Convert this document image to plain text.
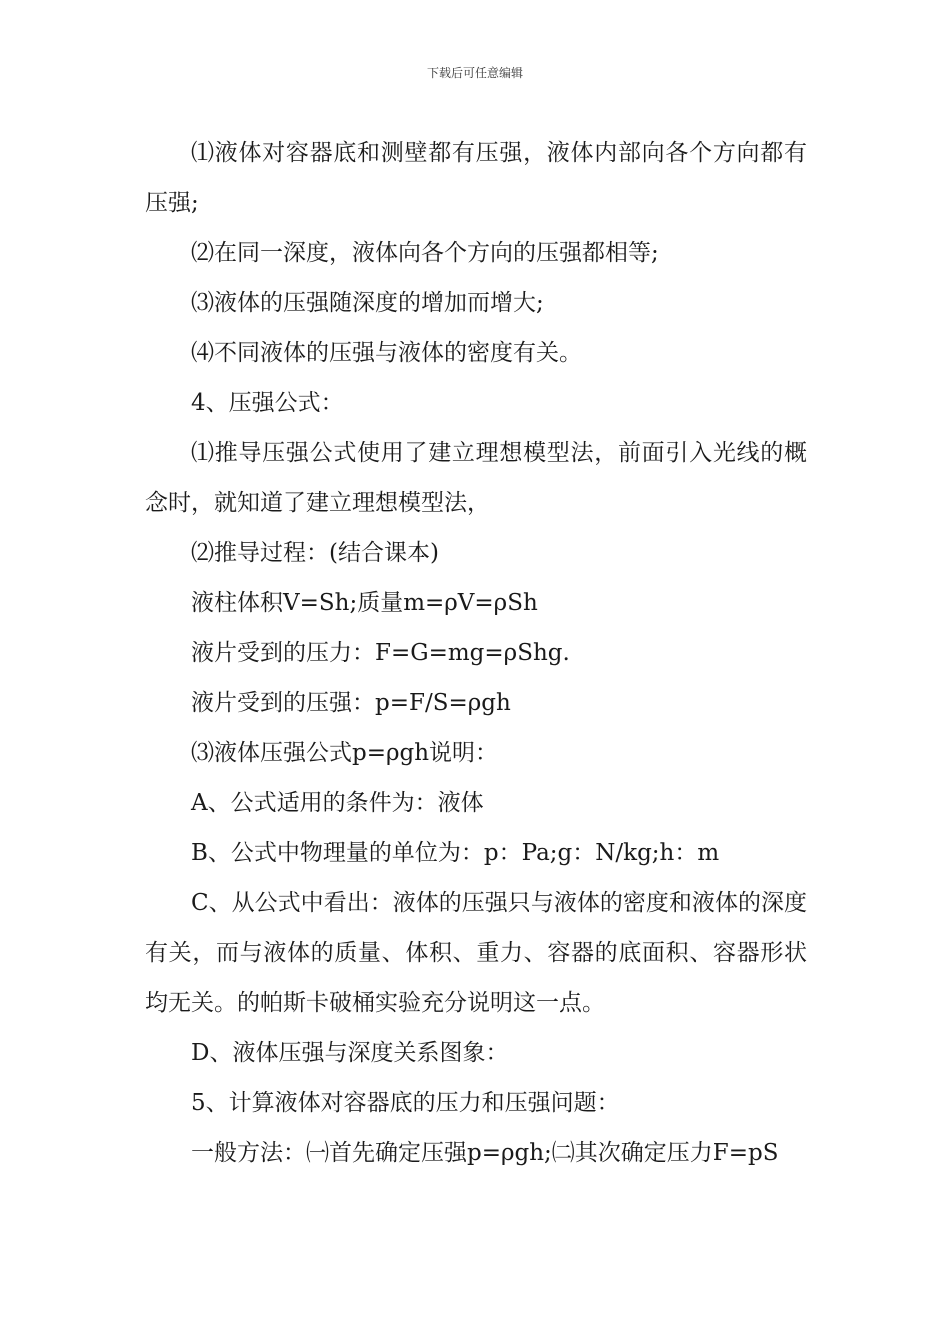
下载后可任意编辑

⑴液体对容器底和测壁都有压强，液体内部向各个方向都有压强;

⑵在同一深度，液体向各个方向的压强都相等;

⑶液体的压强随深度的增加而增大;

⑷不同液体的压强与液体的密度有关。

4、压强公式：

⑴推导压强公式使用了建立理想模型法，前面引入光线的概念时，就知道了建立理想模型法，

⑵推导过程：(结合课本)

液柱体积V=Sh;质量m=ρV=ρSh

液片受到的压力：F=G=mg=ρShg.

液片受到的压强：p=F/S=ρgh

⑶液体压强公式p=ρgh说明：

A、公式适用的条件为：液体

B、公式中物理量的单位为：p：Pa;g：N/kg;h：m

C、从公式中看出：液体的压强只与液体的密度和液体的深度有关，而与液体的质量、体积、重力、容器的底面积、容器形状均无关。的帕斯卡破桶实验充分说明这一点。

D、液体压强与深度关系图象：

5、计算液体对容器底的压力和压强问题：

一般方法：㈠首先确定压强p=ρgh;㈡其次确定压力F=pS
